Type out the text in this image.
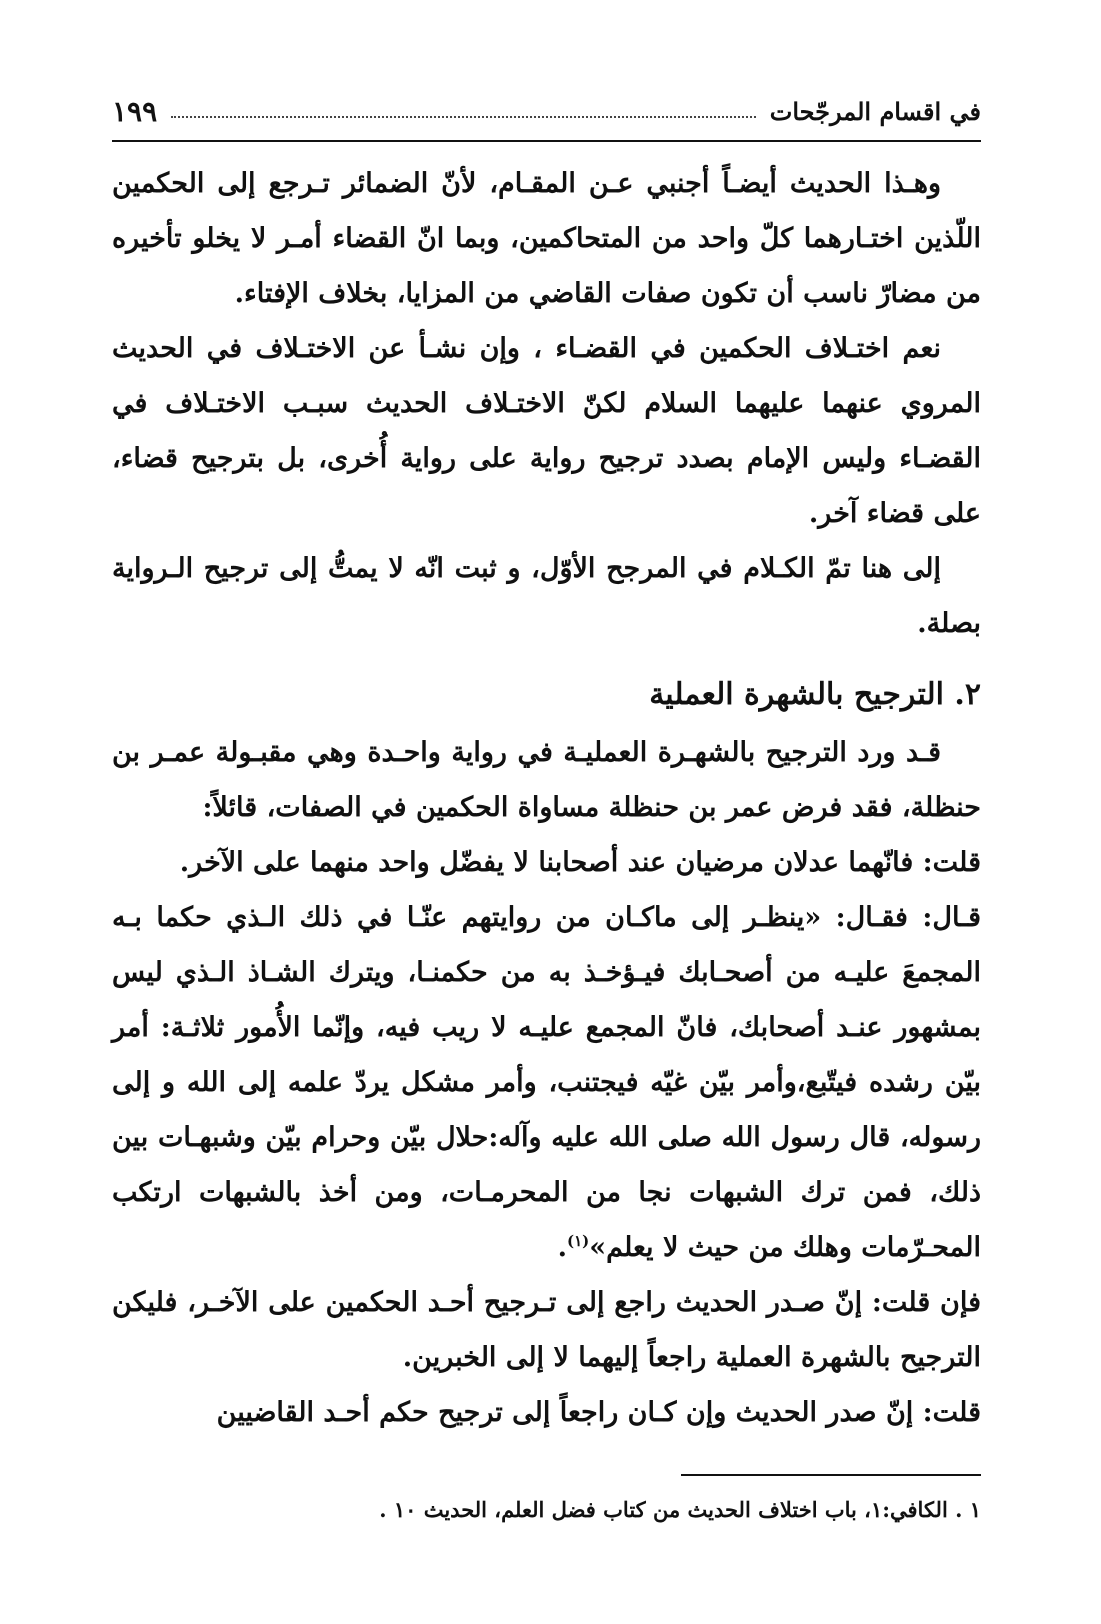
في اقسام المرجّحات
١٩٩

وهـذا الحديث أيضـاً أجنبي عـن المقـام، لأنّ الضمائر تـرجع إلى الحكمين اللّذين اختـارهما كلّ واحد من المتحاكمين، وبما انّ القضاء أمـر لا يخلو تأخيره من مضارّ ناسب أن تكون صفات القاضي من المزايا، بخلاف الإفتاء.

نعم اختـلاف الحكمين في القضـاء ، وإن نشـأ عن الاختـلاف في الحديث المروي عنهما عليهما السلام لكنّ الاختـلاف الحديث سبـب الاختـلاف في القضـاء وليس الإمام بصدد ترجيح رواية على رواية أُخرى، بل بترجيح قضاء، على قضاء آخر.

إلى هنا تمّ الكـلام في المرجح الأوّل، و ثبت انّه لا يمتُّ إلى ترجيح الـرواية بصلة.

٢. الترجيح بالشهرة العملية

قـد ورد الترجيح بالشهـرة العمليـة في رواية واحـدة وهي مقبـولة عمـر بن حنظلة، فقد فرض عمر بن حنظلة مساواة الحكمين في الصفات، قائلاً:

قلت: فانّهما عدلان مرضيان عند أصحابنا لا يفضّل واحد منهما على الآخر.

قـال: فقـال: «ينظـر إلى ماكـان من روايتهم عنّـا في ذلك الـذي حكما بـه المجمعَ عليـه من أصحـابك فيـؤخـذ به من حكمنـا، ويترك الشـاذ الـذي ليس بمشهور عنـد أصحابك، فانّ المجمع عليـه لا ريب فيه، وإنّما الأُمور ثلاثـة: أمر بيّن رشده فيتّبع،وأمر بيّن غيّه فيجتنب، وأمر مشكل يردّ علمه إلى الله و إلى رسوله، قال رسول الله صلى الله عليه وآله:حلال بيّن وحرام بيّن وشبهـات بين ذلك، فمن ترك الشبهات نجا من المحرمـات، ومن أخذ بالشبهات ارتكب المحـرّمات وهلك من حيث لا يعلم»$^{(١)}$.

فإن قلت: إنّ صـدر الحديث راجع إلى تـرجيح أحـد الحكمين على الآخـر، فليكن الترجيح بالشهرة العملية راجعاً إليهما لا إلى الخبرين.

قلت: إنّ صدر الحديث وإن كـان راجعاً إلى ترجيح حكم أحـد القاضيين

١ . الكافي:١، باب اختلاف الحديث من كتاب فضل العلم، الحديث ١٠ .
